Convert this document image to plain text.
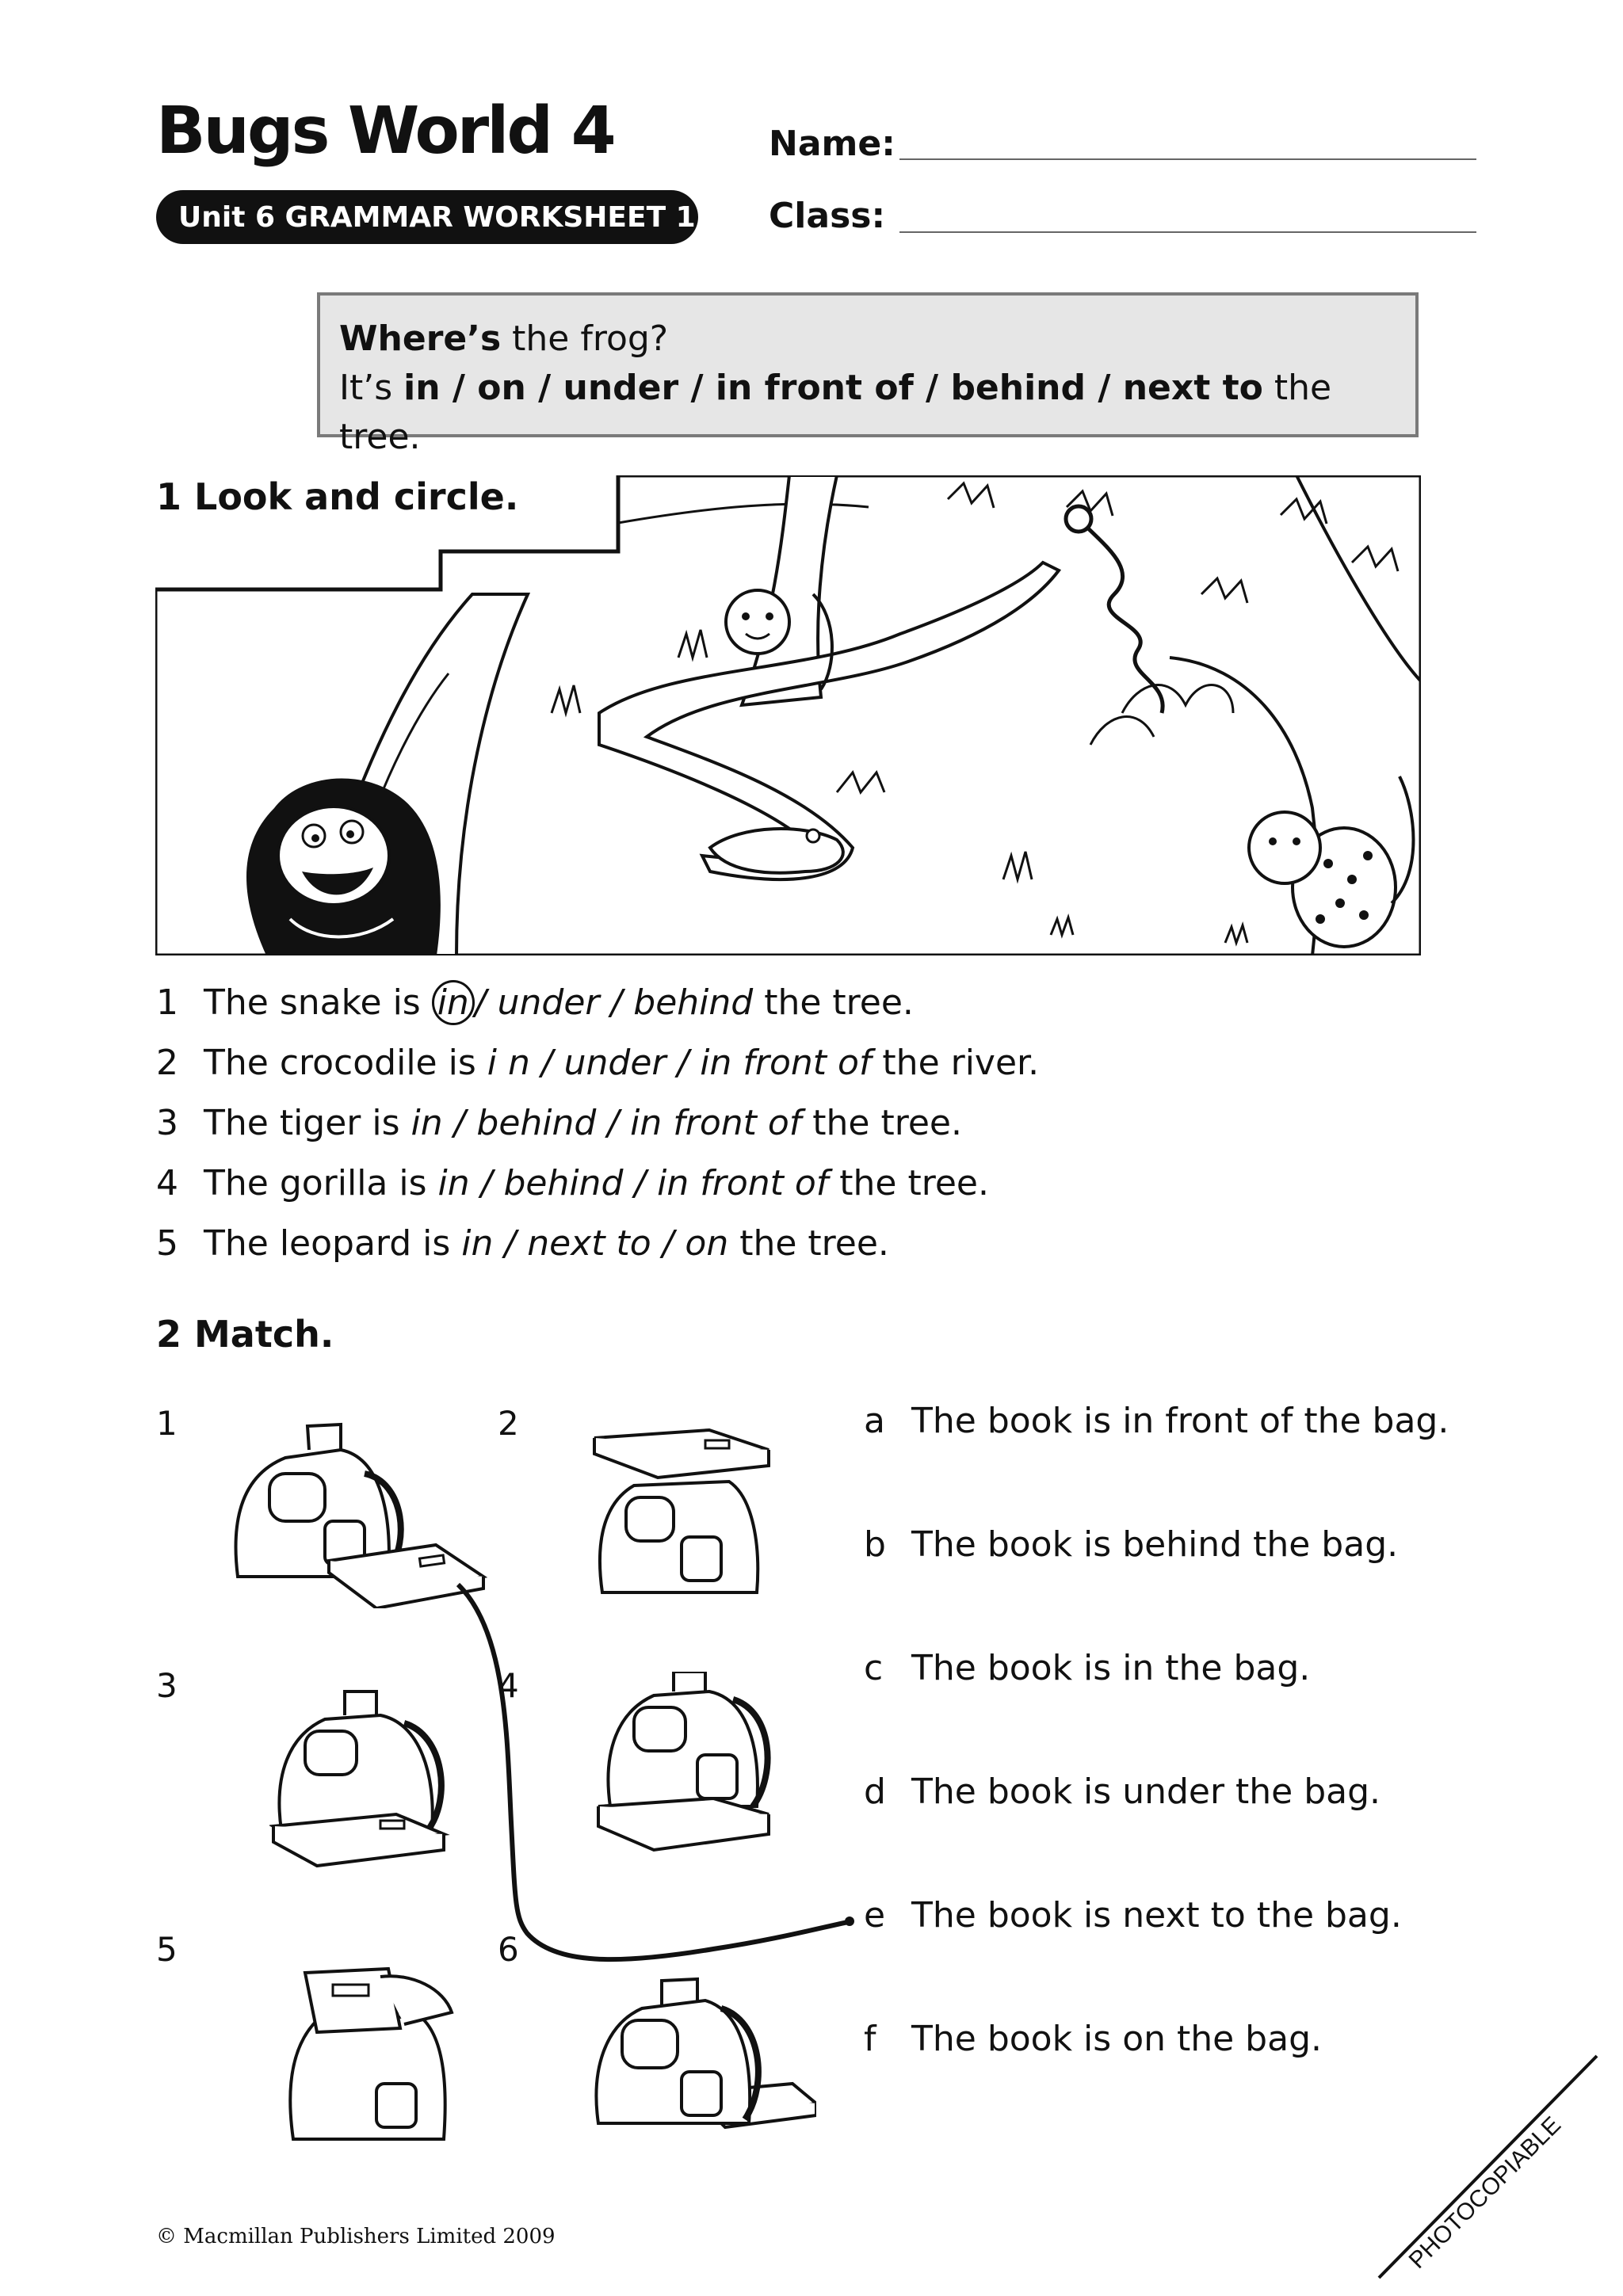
Bugs World 4
Unit 6 GRAMMAR WORKSHEET 1
Name:
Class:
Where’s the frog?
It’s in / on / under / in front of / behind / next to the tree.
1 Look and circle.
1 The snake is in / under / behind the tree.
2 The crocodile is i n / under / in front of the river.
3 The tiger is in / behind / in front of the tree.
4 The gorilla is in / behind / in front of the tree.
5 The leopard is in / next to / on the tree.
2 Match.
1	2
3	4
5	6
a The book is in front of the bag.
b The book is behind the bag.
c The book is in the bag.
d The book is under the bag.
e The book is next to the bag.
f The book is on the bag.
© Macmillan Publishers Limited 2009	PHOTOCOPIABLE
